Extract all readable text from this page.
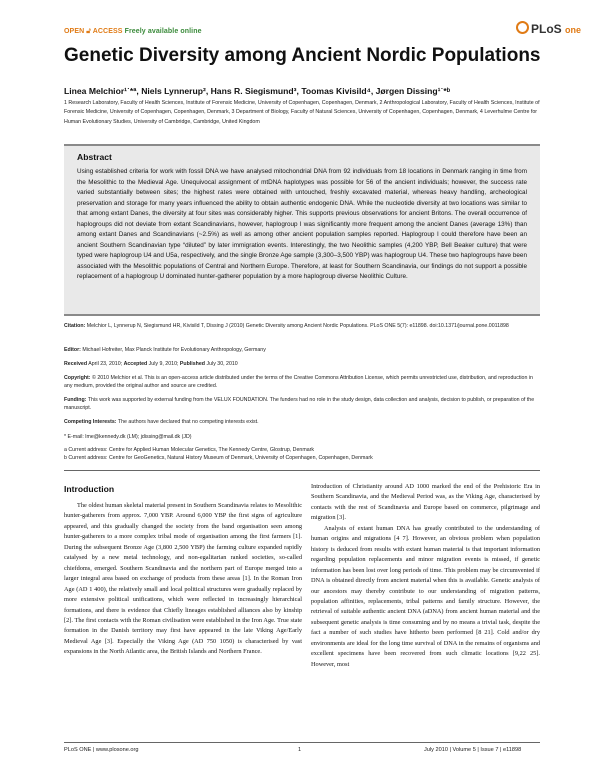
OPEN 🔓︎ ACCESS Freely available online	PLoS one
Genetic Diversity among Ancient Nordic Populations
Linea Melchior¹˙*ª, Niels Lynnerup², Hans R. Siegismund³, Toomas Kivisild⁴, Jørgen Dissing¹˙*ᵇ
1 Research Laboratory, Faculty of Health Sciences, Institute of Forensic Medicine, University of Copenhagen, Copenhagen, Denmark, 2 Anthropological Laboratory, Faculty of Health Sciences, Institute of Forensic Medicine, University of Copenhagen, Copenhagen, Denmark, 3 Department of Biology, Faculty of Natural Sciences, University of Copenhagen, Copenhagen, Denmark, 4 Leverhulme Centre for Human Evolutionary Studies, University of Cambridge, Cambridge, United Kingdom
Abstract
Using established criteria for work with fossil DNA we have analysed mitochondrial DNA from 92 individuals from 18 locations in Denmark ranging in time from the Mesolithic to the Medieval Age. Unequivocal assignment of mtDNA haplotypes was possible for 56 of the ancient individuals; however, the success rate varied substantially between sites; the highest rates were obtained with untouched, freshly excavated material, whereas heavy handling, archeological preservation and storage for many years influenced the ability to obtain authentic endogenic DNA. While the nucleotide diversity at two locations was similar to that among extant Danes, the diversity at four sites was considerably higher. This supports previous observations for ancient Britons. The overall occurrence of haplogroups did not deviate from extant Scandinavians, however, haplogroup I was significantly more frequent among the ancient Danes (average 13%) than among extant Danes and Scandinavians (~2.5%) as well as among other ancient population samples reported. Haplogroup I could therefore have been an ancient Southern Scandinavian type “diluted” by later immigration events. Interestingly, the two Neolithic samples (4,200 YBP, Bell Beaker culture) that were typed were haplogroup U4 and U5a, respectively, and the single Bronze Age sample (3,300–3,500 YBP) was haplogroup U4. These two haplogroups have been associated with the Mesolithic populations of Central and Northern Europe. Therefore, at least for Southern Scandinavia, our findings do not support a possible replacement of a haplogroup U dominated hunter-gatherer population by a more haplogroup diverse Neolithic Culture.
Citation: Melchior L, Lynnerup N, Siegismund HR, Kivisild T, Dissing J (2010) Genetic Diversity among Ancient Nordic Populations. PLoS ONE 5(7): e11898. doi:10.1371/journal.pone.0011898
Editor: Michael Hofreiter, Max Planck Institute for Evolutionary Anthropology, Germany
Received April 23, 2010; Accepted July 9, 2010; Published July 30, 2010
Copyright: © 2010 Melchior et al. This is an open-access article distributed under the terms of the Creative Commons Attribution License, which permits unrestricted use, distribution, and reproduction in any medium, provided the original author and source are credited.
Funding: This work was supported by external funding from the VELUX FOUNDATION. The funders had no role in the study design, data collection and analysis, decision to publish, or preparation of the manuscript.
Competing Interests: The authors have declared that no competing interests exist.
* E-mail: lme@kennedy.dk (LM); jdissing@mail.dk (JD)
a Current address: Centre for Applied Human Molecular Genetics, The Kennedy Centre, Glostrup, Denmark
b Current address: Centre for GeoGenetics, Natural History Museum of Denmark, University of Copenhagen, Copenhagen, Denmark
Introduction

The oldest human skeletal material present in Southern Scandinavia relates to Mesolithic hunter-gatherers from approx. 7,000 YBP. Around 6,000 YBP the first signs of agriculture appeared, and this gradually changed the society from the band organisation seen among hunter-gatherers to a more complex tribal mode of organisation among the first farmers [1]. During the subsequent Bronze Age (3,800 2,500 YBP) the farming culture expanded rapidly catalysed by a new metal technology, and non-egalitarian ranked societies, so-called chiefdoms, emerged. Southern Scandinavia and the northern part of Europe merged into a larger integral area based on exchange of products from these areas [1]. In the Roman Iron Age (AD 1 400), the relatively small and local political structures were gradually replaced by more extensive political unifications, which were reflected in increasingly hierarchical formations, and there is evidence that Chiefly lineages established alliances also by kinship [2]. The first contacts with the Roman civilisation were established in the Iron Age. True state formation in the Danish territory may first have appeared in the late Viking Age/Early Medieval Age [3]. Especially the Viking Age (AD 750 1050) is characterised by vast expansions in the North Atlantic area, the British Islands and Northern France.

Introduction of Christianity around AD 1000 marked the end of the Prehistoric Era in Southern Scandinavia, and the Medieval Period was, as the Viking Age, characterised by contacts with the rest of Scandinavia and Europe based on commerce, pilgrimage and migration [3].

Analysis of extant human DNA has greatly contributed to the understanding of human origins and migrations [4 7]. However, an obvious problem when population history is deduced from results with extant human material is that important information regarding population replacements and minor migration events is missed, if genetic information has been lost over long periods of time. This problem may be circumvented if DNA is obtained directly from ancient material when this is available. Genetic analysis of our ancestors may thereby contribute to our understanding of migration patterns, population affinities, replacements, tribal patterns and family structure. However, the retrieval of suitable authentic ancient DNA (aDNA) from ancient human material and the subsequent genetic analysis is time consuming and by no means a trivial task, despite the fact a number of such studies have hitherto been performed [8 21]. Cold and/or dry environments are ideal for the long time survival of DNA in the remains of organisms and excellent specimens have been recovered from such climatic locations [9,22 25]. However, most

PLoS ONE | www.plosone.org	1	July 2010 | Volume 5 | Issue 7 | e11898
